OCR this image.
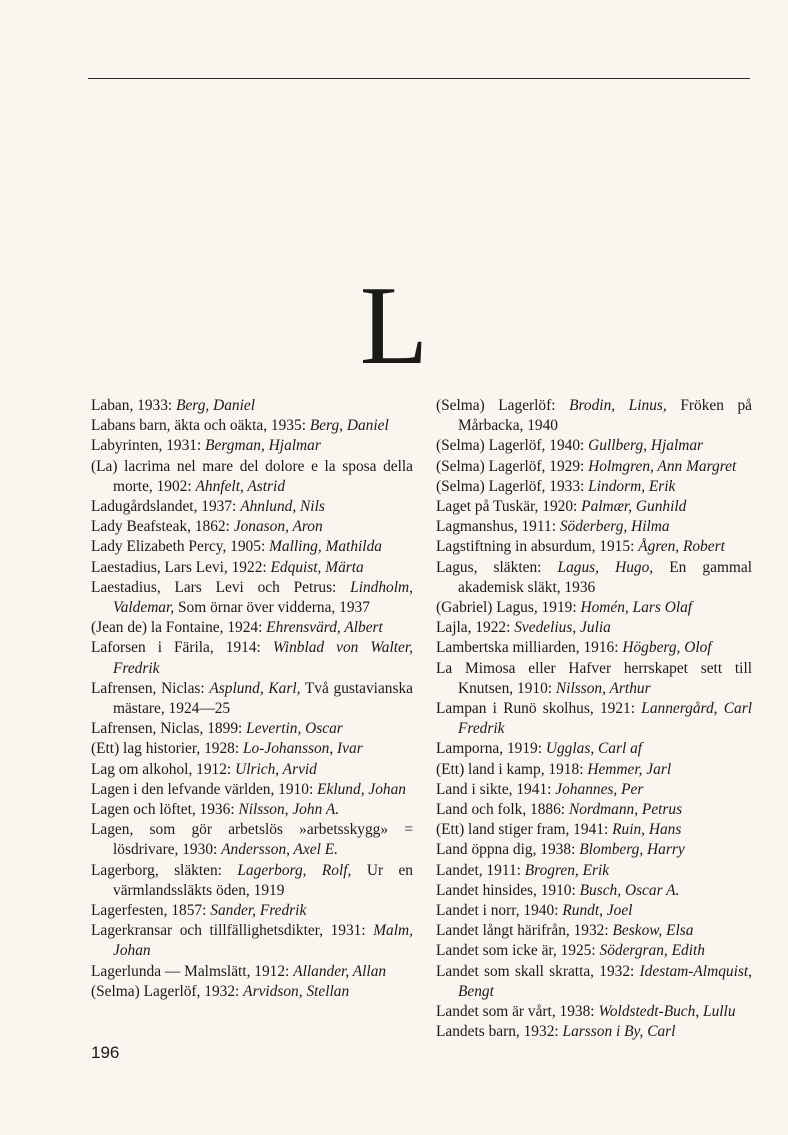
L

Laban, 1933: Berg, Daniel

Labans barn, äkta och oäkta, 1935: Berg, Daniel

Labyrinten, 1931: Bergman, Hjalmar

(La) lacrima nel mare del dolore e la sposa della morte, 1902: Ahnfelt, Astrid

Ladugårdslandet, 1937: Ahnlund, Nils

Lady Beafsteak, 1862: Jonason, Aron

Lady Elizabeth Percy, 1905: Malling, Mathilda

Laestadius, Lars Levi, 1922: Edquist, Märta

Laestadius, Lars Levi och Petrus: Lindholm, Valdemar, Som örnar över vidderna, 1937

(Jean de) la Fontaine, 1924: Ehrensvärd, Albert

Laforsen i Färila, 1914: Winblad von Walter, Fredrik

Lafrensen, Niclas: Asplund, Karl, Två gustavianska mästare, 1924—25

Lafrensen, Niclas, 1899: Levertin, Oscar

(Ett) lag historier, 1928: Lo-Johansson, Ivar

Lag om alkohol, 1912: Ulrich, Arvid

Lagen i den lefvande världen, 1910: Eklund, Johan

Lagen och löftet, 1936: Nilsson, John A.

Lagen, som gör arbetslös »arbetsskygg» = lösdrivare, 1930: Andersson, Axel E.

Lagerborg, släkten: Lagerborg, Rolf, Ur en värmlandssläkts öden, 1919

Lagerfesten, 1857: Sander, Fredrik

Lagerkransar och tillfällighetsdikter, 1931: Malm, Johan

Lagerlunda — Malmslätt, 1912: Allander, Allan

(Selma) Lagerlöf, 1932: Arvidson, Stellan

(Selma) Lagerlöf: Brodin, Linus, Fröken på Mårbacka, 1940

(Selma) Lagerlöf, 1940: Gullberg, Hjalmar

(Selma) Lagerlöf, 1929: Holmgren, Ann Margret

(Selma) Lagerlöf, 1933: Lindorm, Erik

Laget på Tuskär, 1920: Palmær, Gunhild

Lagmanshus, 1911: Söderberg, Hilma

Lagstiftning in absurdum, 1915: Ågren, Robert

Lagus, släkten: Lagus, Hugo, En gammal akademisk släkt, 1936

(Gabriel) Lagus, 1919: Homén, Lars Olaf

Lajla, 1922: Svedelius, Julia

Lambertska milliarden, 1916: Högberg, Olof

La Mimosa eller Hafver herrskapet sett till Knutsen, 1910: Nilsson, Arthur

Lampan i Runö skolhus, 1921: Lannergård, Carl Fredrik

Lamporna, 1919: Ugglas, Carl af

(Ett) land i kamp, 1918: Hemmer, Jarl

Land i sikte, 1941: Johannes, Per

Land och folk, 1886: Nordmann, Petrus

(Ett) land stiger fram, 1941: Ruin, Hans

Land öppna dig, 1938: Blomberg, Harry

Landet, 1911: Brogren, Erik

Landet hinsides, 1910: Busch, Oscar A.

Landet i norr, 1940: Rundt, Joel

Landet långt härifrån, 1932: Beskow, Elsa

Landet som icke är, 1925: Södergran, Edith

Landet som skall skratta, 1932: Idestam-Almquist, Bengt

Landet som är vårt, 1938: Woldstedt-Buch, Lullu

Landets barn, 1932: Larsson i By, Carl

196
